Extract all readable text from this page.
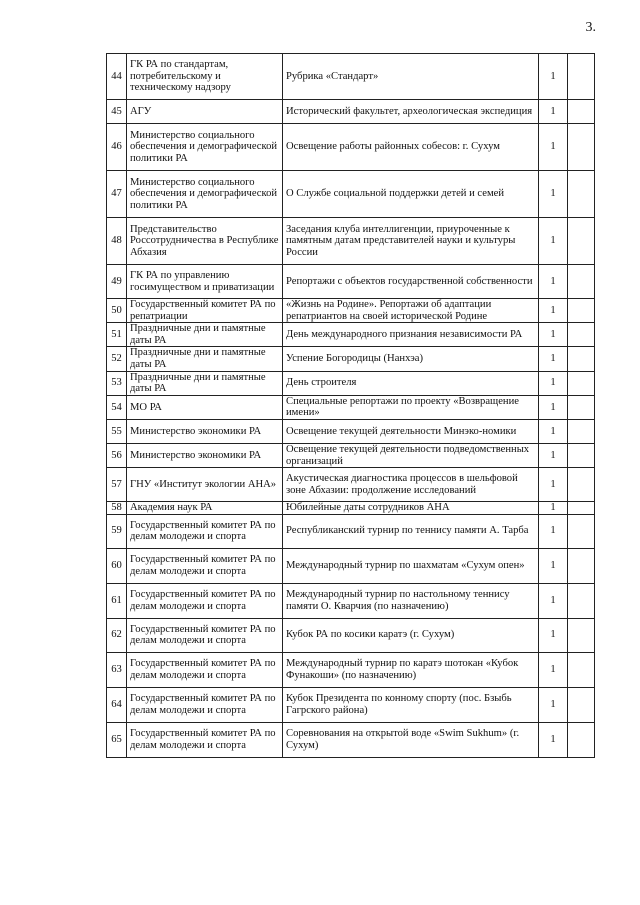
3.
44	ГК РА по стандартам, потребительскому и техническому надзору	Рубрика «Стандарт»	1	
45	АГУ	Исторический факультет, археологическая экспедиция	1	
46	Министерство социального обеспечения и демографической политики РА	Освещение работы районных собесов: г. Сухум	1	
47	Министерство социального обеспечения и демографической политики РА	О Службе социальной поддержки детей и семей	1	
48	Представительство Россотрудничества в Республике Абхазия	Заседания клуба интеллигенции, приуроченные к памятным датам представителей науки и культуры России	1	
49	ГК РА по управлению госимуществом и приватизации	Репортажи с объектов государственной собственности	1	
50	Государственный комитет РА по репатриации	«Жизнь на Родине». Репортажи об адаптации репатриантов на своей исторической Родине	1	
51	Праздничные дни и памятные даты РА	День международного признания независимости РА	1	
52	Праздничные дни и памятные даты РА	Успение Богородицы (Нанхэа)	1	
53	Праздничные дни и памятные даты РА	День строителя	1	
54	МО РА	Специальные репортажи по проекту «Возвращение имени»	1	
55	Министерство экономики РА	Освещение текущей деятельности Минэко-номики	1	
56	Министерство экономики РА	Освещение текущей деятельности подведомственных организаций	1	
57	ГНУ «Институт экологии АНА»	Акустическая диагностика процессов в шельфовой зоне Абхазии: продолжение исследований	1	
58	Академия наук РА	Юбилейные даты сотрудников АНА	1	
59	Государственный комитет РА по делам молодежи и спорта	Республиканский турнир по теннису памяти А. Тарба	1	
60	Государственный комитет РА по делам молодежи и спорта	Международный турнир по шахматам «Сухум опен»	1	
61	Государственный комитет РА по делам молодежи и спорта	Международный турнир по настольному теннису памяти О. Кварчия (по назначению)	1	
62	Государственный комитет РА по делам молодежи и спорта	Кубок РА по косики каратэ (г. Сухум)	1	
63	Государственный комитет РА по делам молодежи и спорта	Международный турнир по каратэ шотокан «Кубок Фунакоши» (по назначению)	1	
64	Государственный комитет РА по делам молодежи и спорта	Кубок Президента по конному спорту (пос. Бзыбь Гагрского района)	1	
65	Государственный комитет РА по делам молодежи и спорта	Соревнования на открытой воде «Swim Sukhum» (г. Сухум)	1	
